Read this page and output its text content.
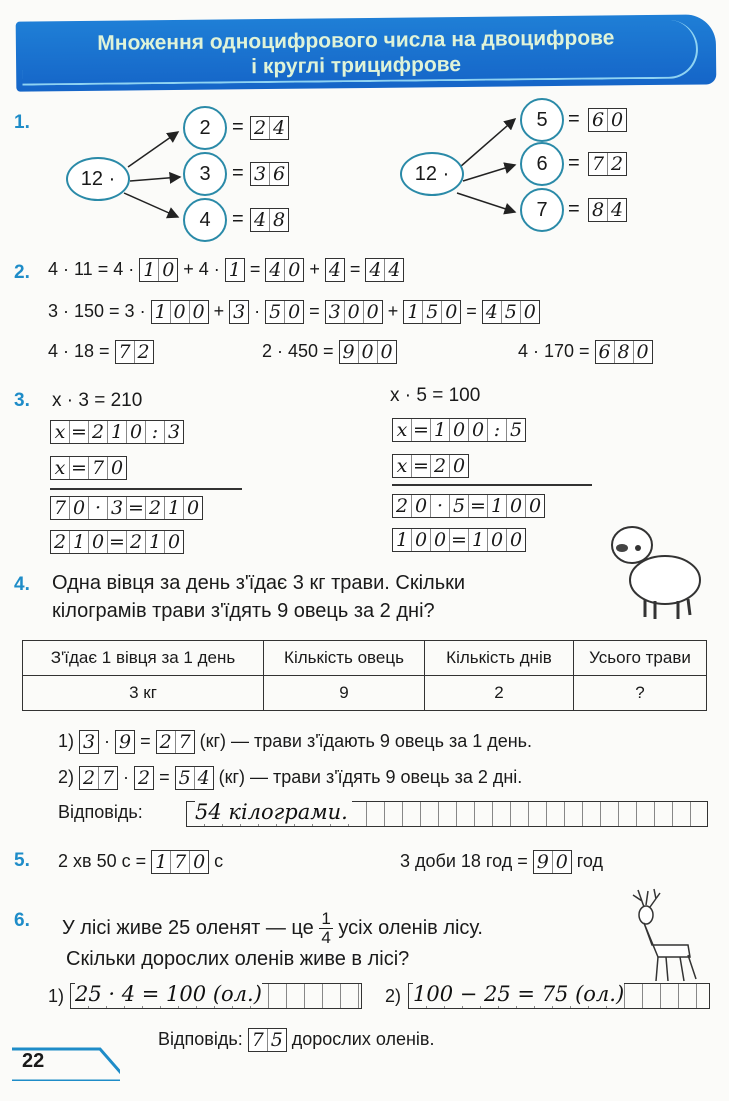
Множення одноцифрового числа на двоцифрове
і круглі трицифрове
1.
12 ·
2
3
4
=
=
=
2 4
3 6
4 8
12 ·
5
6
7
=
=
=
6 0
7 2
8 4
2. 4 · 11 = 4 · 1 0 + 4 · 1 = 4 0 + 4 = 4 4
3 · 150 = 3 · 1 0 0 + 3 · 5 0 = 3 0 0 + 1 5 0 = 4 5 0
4 · 18 = 7 2	2 · 450 = 9 0 0	4 · 170 = 6 8 0
3. x · 3 = 210
x = 2 1 0 : 3
x = 7 0
7 0 · 3 = 2 1 0
2 1 0 = 2 1 0
x · 5 = 100
x = 1 0 0 : 5
x = 2 0
2 0 · 5 = 1 0 0
1 0 0 = 1 0 0
4. Одна вівця за день з'їдає 3 кг трави. Скільки
кілограмів трави з'їдять 9 овець за 2 дні?
З'їдає 1 вівця за 1 день	Кількість овець	Кількість днів	Усього трави
3 кг	9	2	?
1) 3 · 9 = 2 7 (кг) — трави з'їдають 9 овець за 1 день.
2) 2 7 · 2 = 5 4 (кг) — трави з'їдять 9 овець за 2 дні.
Відповідь: 54 кілограми.
5. 2 хв 50 с = 1 7 0 с	3 доби 18 год = 9 0 год
6. У лісі живе 25 оленят — це $\frac{1}{4}$ усіх оленів лісу.
Скільки дорослих оленів живе в лісі?
1) 25 · 4 = 100 (ол.)	2) 100 − 25 = 75 (ол.)
Відповідь: 7 5 дорослих оленів.
22
